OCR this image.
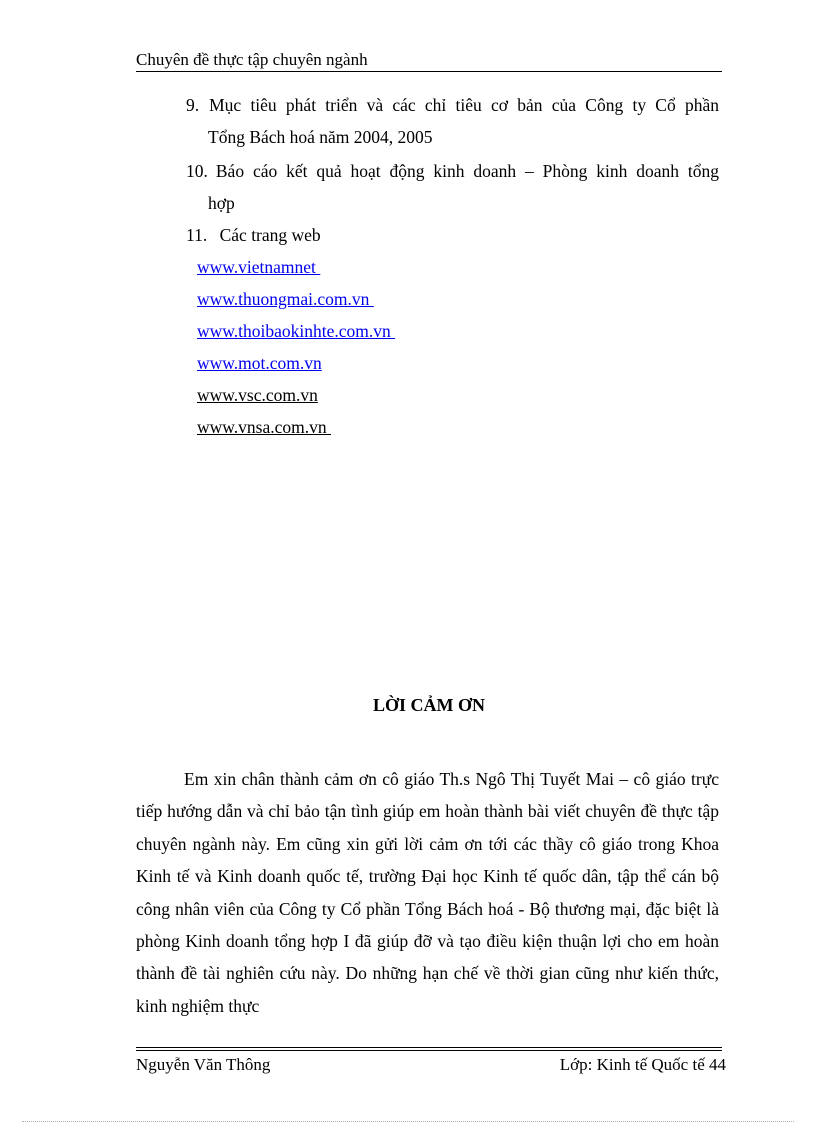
Chuyên đề thực tập chuyên ngành
9. Mục tiêu phát triển và các chỉ tiêu cơ bản của Công ty Cổ phần
Tổng Bách hoá năm 2004, 2005
10. Báo cáo kết quả hoạt động kinh doanh – Phòng kinh doanh tổng
hợp
11. Các trang web
www.vietnamnet
www.thuongmai.com.vn
www.thoibaokinhte.com.vn
www.mot.com.vn
www.vsc.com.vn
www.vnsa.com.vn
LỜI CẢM ƠN
Em xin chân thành cảm ơn cô giáo Th.s Ngô Thị Tuyết Mai – cô giáo trực tiếp hướng dẫn và chỉ bảo tận tình giúp em hoàn thành bài viết chuyên đề thực tập chuyên ngành này. Em cũng xin gửi lời cảm ơn tới các thầy cô giáo trong Khoa Kinh tế và Kinh doanh quốc tế, trường Đại học Kinh tế quốc dân, tập thể cán bộ công nhân viên của Công ty Cổ phần Tổng Bách hoá - Bộ thương mại, đặc biệt là phòng Kinh doanh tổng hợp I đã giúp đỡ và tạo điều kiện thuận lợi cho em hoàn thành đề tài nghiên cứu này. Do những hạn chế về thời gian cũng như kiến thức, kinh nghiệm thực
Nguyễn Văn Thông	Lớp: Kinh tế Quốc tế 44
